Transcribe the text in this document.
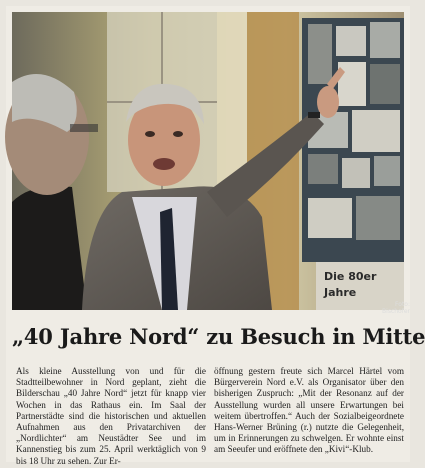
Die 80er
Jahre
Foto: Bischofer
„40 Jahre Nord“ zu Besuch in Mitte

Als kleine Ausstellung von und für die Stadtteilbewohner in Nord geplant, zieht die Bilderschau „40 Jahre Nord“ jetzt für knapp vier Wochen in das Rathaus ein. Im Saal der Partnerstädte sind die historischen und aktuellen Aufnahmen aus den Privatarchiven der „Nordlichter“ am Neustädter See und im Kannenstieg bis zum 25. April werktäglich von 9 bis 18 Uhr zu sehen. Zur Er-

öffnung gestern freute sich Marcel Härtel vom Bürgerverein Nord e.V. als Organisator über den bisherigen Zuspruch: „Mit der Resonanz auf der Ausstellung wurden all unsere Erwartungen bei weitem übertroffen.“ Auch der Sozialbeigeordnete Hans-Werner Brüning (r.) nutzte die Gelegenheit, um in Erinnerungen zu schwelgen. Er wohnte einst am Seeufer und eröffnete den „Kivi“-Klub.
